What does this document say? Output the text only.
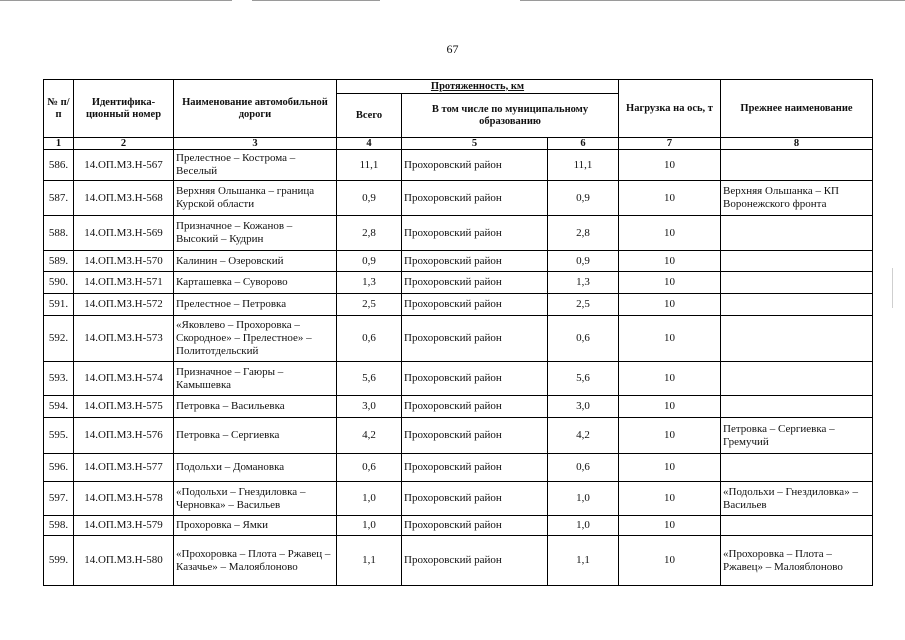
67
№ п/п	Идентифика-ционный номер	Наименование автомобильной дороги	Протяженность, км			Нагрузка на ось, т	Прежнее наименование
			Всего	В том числе по муниципальному образованию			
1	2	3	4	5	6	7	8
586.	14.ОП.МЗ.Н-567	Прелестное – Кострома – Веселый	11,1	Прохоровский район	11,1	10	
587.	14.ОП.МЗ.Н-568	Верхняя Ольшанка – граница Курской области	0,9	Прохоровский район	0,9	10	Верхняя Ольшанка – КП Воронежского фронта
588.	14.ОП.МЗ.Н-569	Призначное – Кожанов – Высокий – Кудрин	2,8	Прохоровский район	2,8	10	
589.	14.ОП.МЗ.Н-570	Калинин – Озеровский	0,9	Прохоровский район	0,9	10	
590.	14.ОП.МЗ.Н-571	Карташевка – Суворово	1,3	Прохоровский район	1,3	10	
591.	14.ОП.МЗ.Н-572	Прелестное – Петровка	2,5	Прохоровский район	2,5	10	
592.	14.ОП.МЗ.Н-573	«Яковлево – Прохоровка – Скородное» – Прелестное» – Политотдельский	0,6	Прохоровский район	0,6	10	
593.	14.ОП.МЗ.Н-574	Призначное – Гаюры – Камышевка	5,6	Прохоровский район	5,6	10	
594.	14.ОП.МЗ.Н-575	Петровка – Васильевка	3,0	Прохоровский район	3,0	10	
595.	14.ОП.МЗ.Н-576	Петровка – Сергиевка	4,2	Прохоровский район	4,2	10	Петровка – Сергиевка – Гремучий
596.	14.ОП.МЗ.Н-577	Подольхи – Домановка	0,6	Прохоровский район	0,6	10	
597.	14.ОП.МЗ.Н-578	«Подольхи – Гнездиловка – Черновка» – Васильев	1,0	Прохоровский район	1,0	10	«Подольхи – Гнездиловка» – Васильев
598.	14.ОП.МЗ.Н-579	Прохоровка – Ямки	1,0	Прохоровский район	1,0	10	
599.	14.ОП.МЗ.Н-580	«Прохоровка – Плота – Ржавец – Казачье» – Малояблоново	1,1	Прохоровский район	1,1	10	«Прохоровка – Плота – Ржавец» – Малояблоново
